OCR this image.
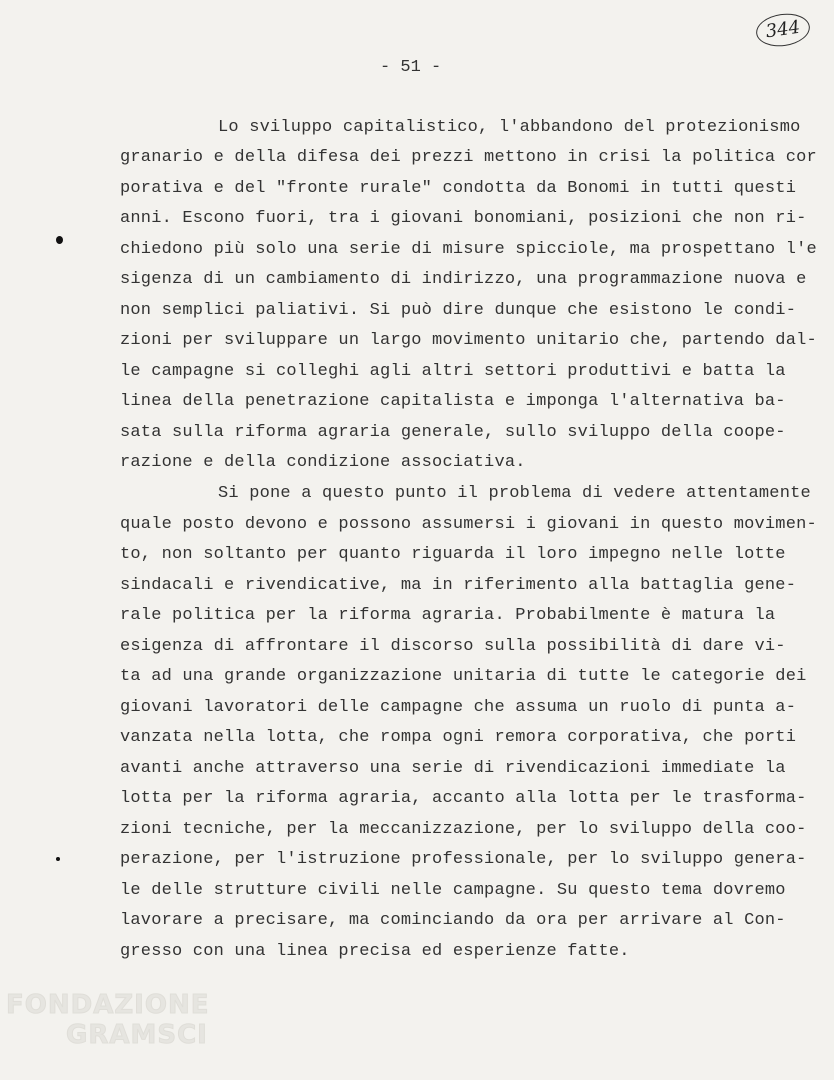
344
- 51 -
Lo sviluppo capitalistico, l'abbandono del protezionismo
granario e della difesa dei prezzi mettono in crisi la politica cor
porativa e del "fronte rurale" condotta da Bonomi in tutti questi
anni. Escono fuori, tra i giovani bonomiani, posizioni che non ri-
chiedono più solo una serie di misure spicciole, ma prospettano l'e
sigenza di un cambiamento di indirizzo, una programmazione nuova e
non semplici paliativi. Si può dire dunque che esistono le condi-
zioni per sviluppare un largo movimento unitario che, partendo dal-
le campagne si colleghi agli altri settori produttivi e batta la
linea della penetrazione capitalista e imponga l'alternativa ba-
sata sulla riforma agraria generale, sullo sviluppo della coope-
razione e della condizione associativa.
Si pone a questo punto il problema di vedere attentamente
quale posto devono e possono assumersi i giovani in questo movimen-
to, non soltanto per quanto riguarda il loro impegno nelle lotte
sindacali e rivendicative, ma in riferimento alla battaglia gene-
rale politica per la riforma agraria. Probabilmente è matura la
esigenza di affrontare il discorso sulla possibilità di dare vi-
ta ad una grande organizzazione unitaria di tutte le categorie dei
giovani lavoratori delle campagne che assuma un ruolo di punta a-
vanzata nella lotta, che rompa ogni remora corporativa, che porti
avanti anche attraverso una serie di rivendicazioni immediate la
lotta per la riforma agraria, accanto alla lotta per le trasforma-
zioni tecniche, per la meccanizzazione, per lo sviluppo della coo-
perazione, per l'istruzione professionale, per lo sviluppo genera-
le delle strutture civili nelle campagne. Su questo tema dovremo
lavorare a precisare, ma cominciando da ora per arrivare al Con-
gresso con una linea precisa ed esperienze fatte.
FONDAZIONE
GRAMSCI
